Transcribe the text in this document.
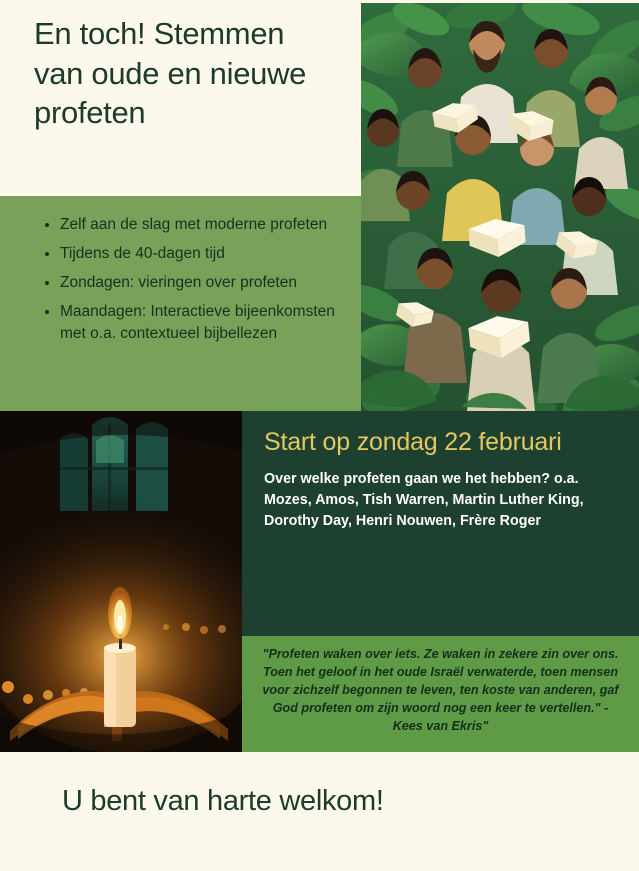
En toch! Stemmen van oude en nieuwe profeten
• Zelf aan de slag met moderne profeten
• Tijdens de 40-dagen tijd
• Zondagen: vieringen over profeten
• Maandagen: Interactieve bijeenkomsten met o.a. contextueel bijbellezen
Start op zondag 22 februari

Over welke profeten gaan we het hebben? o.a. Mozes, Amos, Tish Warren, Martin Luther King, Dorothy Day, Henri Nouwen, Frère Roger

"Profeten waken over iets. Ze waken in zekere zin over ons. Toen het geloof in het oude Israël verwaterde, toen mensen voor zichzelf begonnen te leven, ten koste van anderen, gaf God profeten om zijn woord nog een keer te vertellen." - Kees van Ekris"

U bent van harte welkom!
